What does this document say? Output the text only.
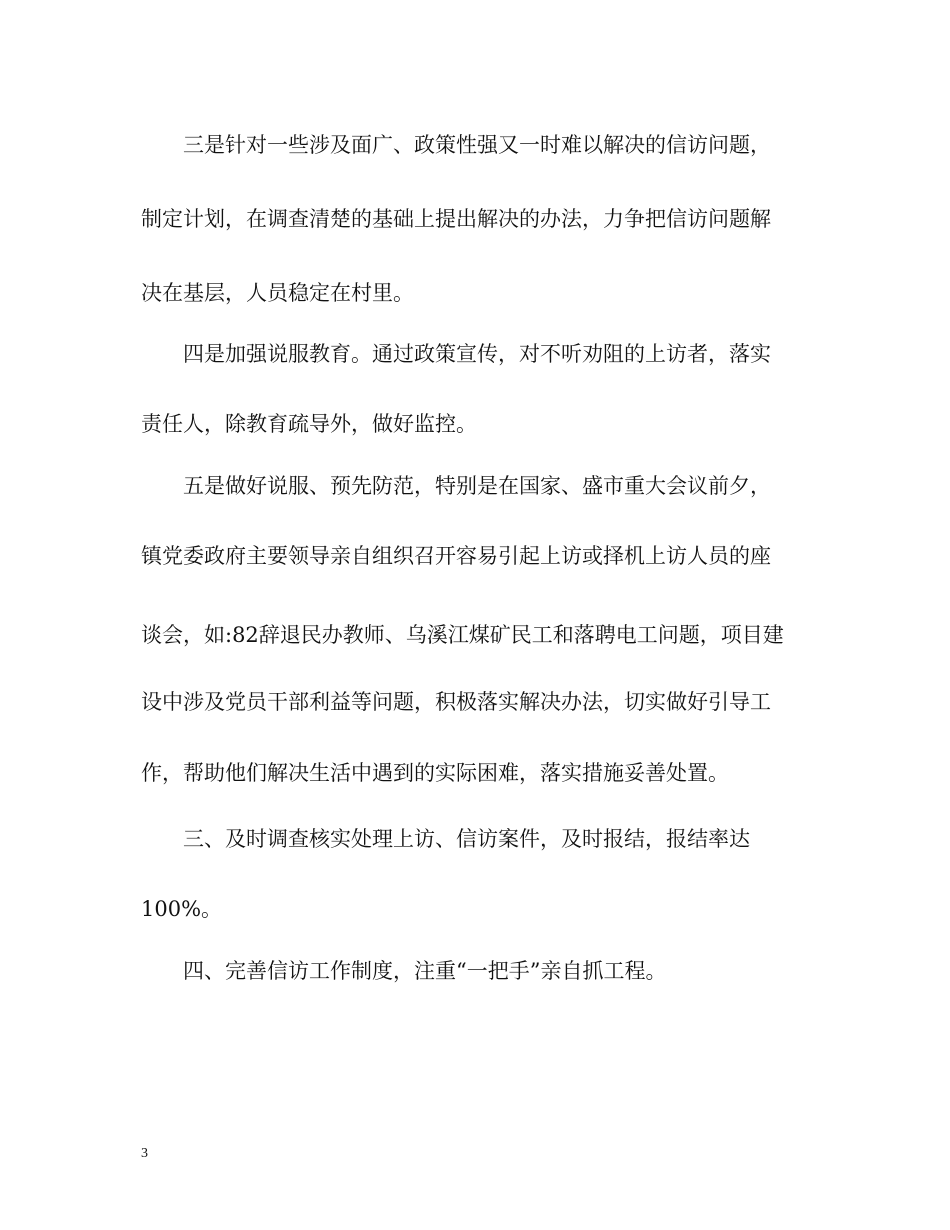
三是针对一些涉及面广、政策性强又一时难以解决的信访问题，
制定计划，在调查清楚的基础上提出解决的办法，力争把信访问题解
决在基层，人员稳定在村里。
四是加强说服教育。通过政策宣传，对不听劝阻的上访者，落实
责任人，除教育疏导外，做好监控。
五是做好说服、预先防范，特别是在国家、盛市重大会议前夕，
镇党委政府主要领导亲自组织召开容易引起上访或择机上访人员的座
谈会，如:82辞退民办教师、乌溪江煤矿民工和落聘电工问题，项目建
设中涉及党员干部利益等问题，积极落实解决办法，切实做好引导工
作，帮助他们解决生活中遇到的实际困难，落实措施妥善处置。
三、及时调查核实处理上访、信访案件，及时报结，报结率达
100%。
四、完善信访工作制度，注重“一把手”亲自抓工程。
3
